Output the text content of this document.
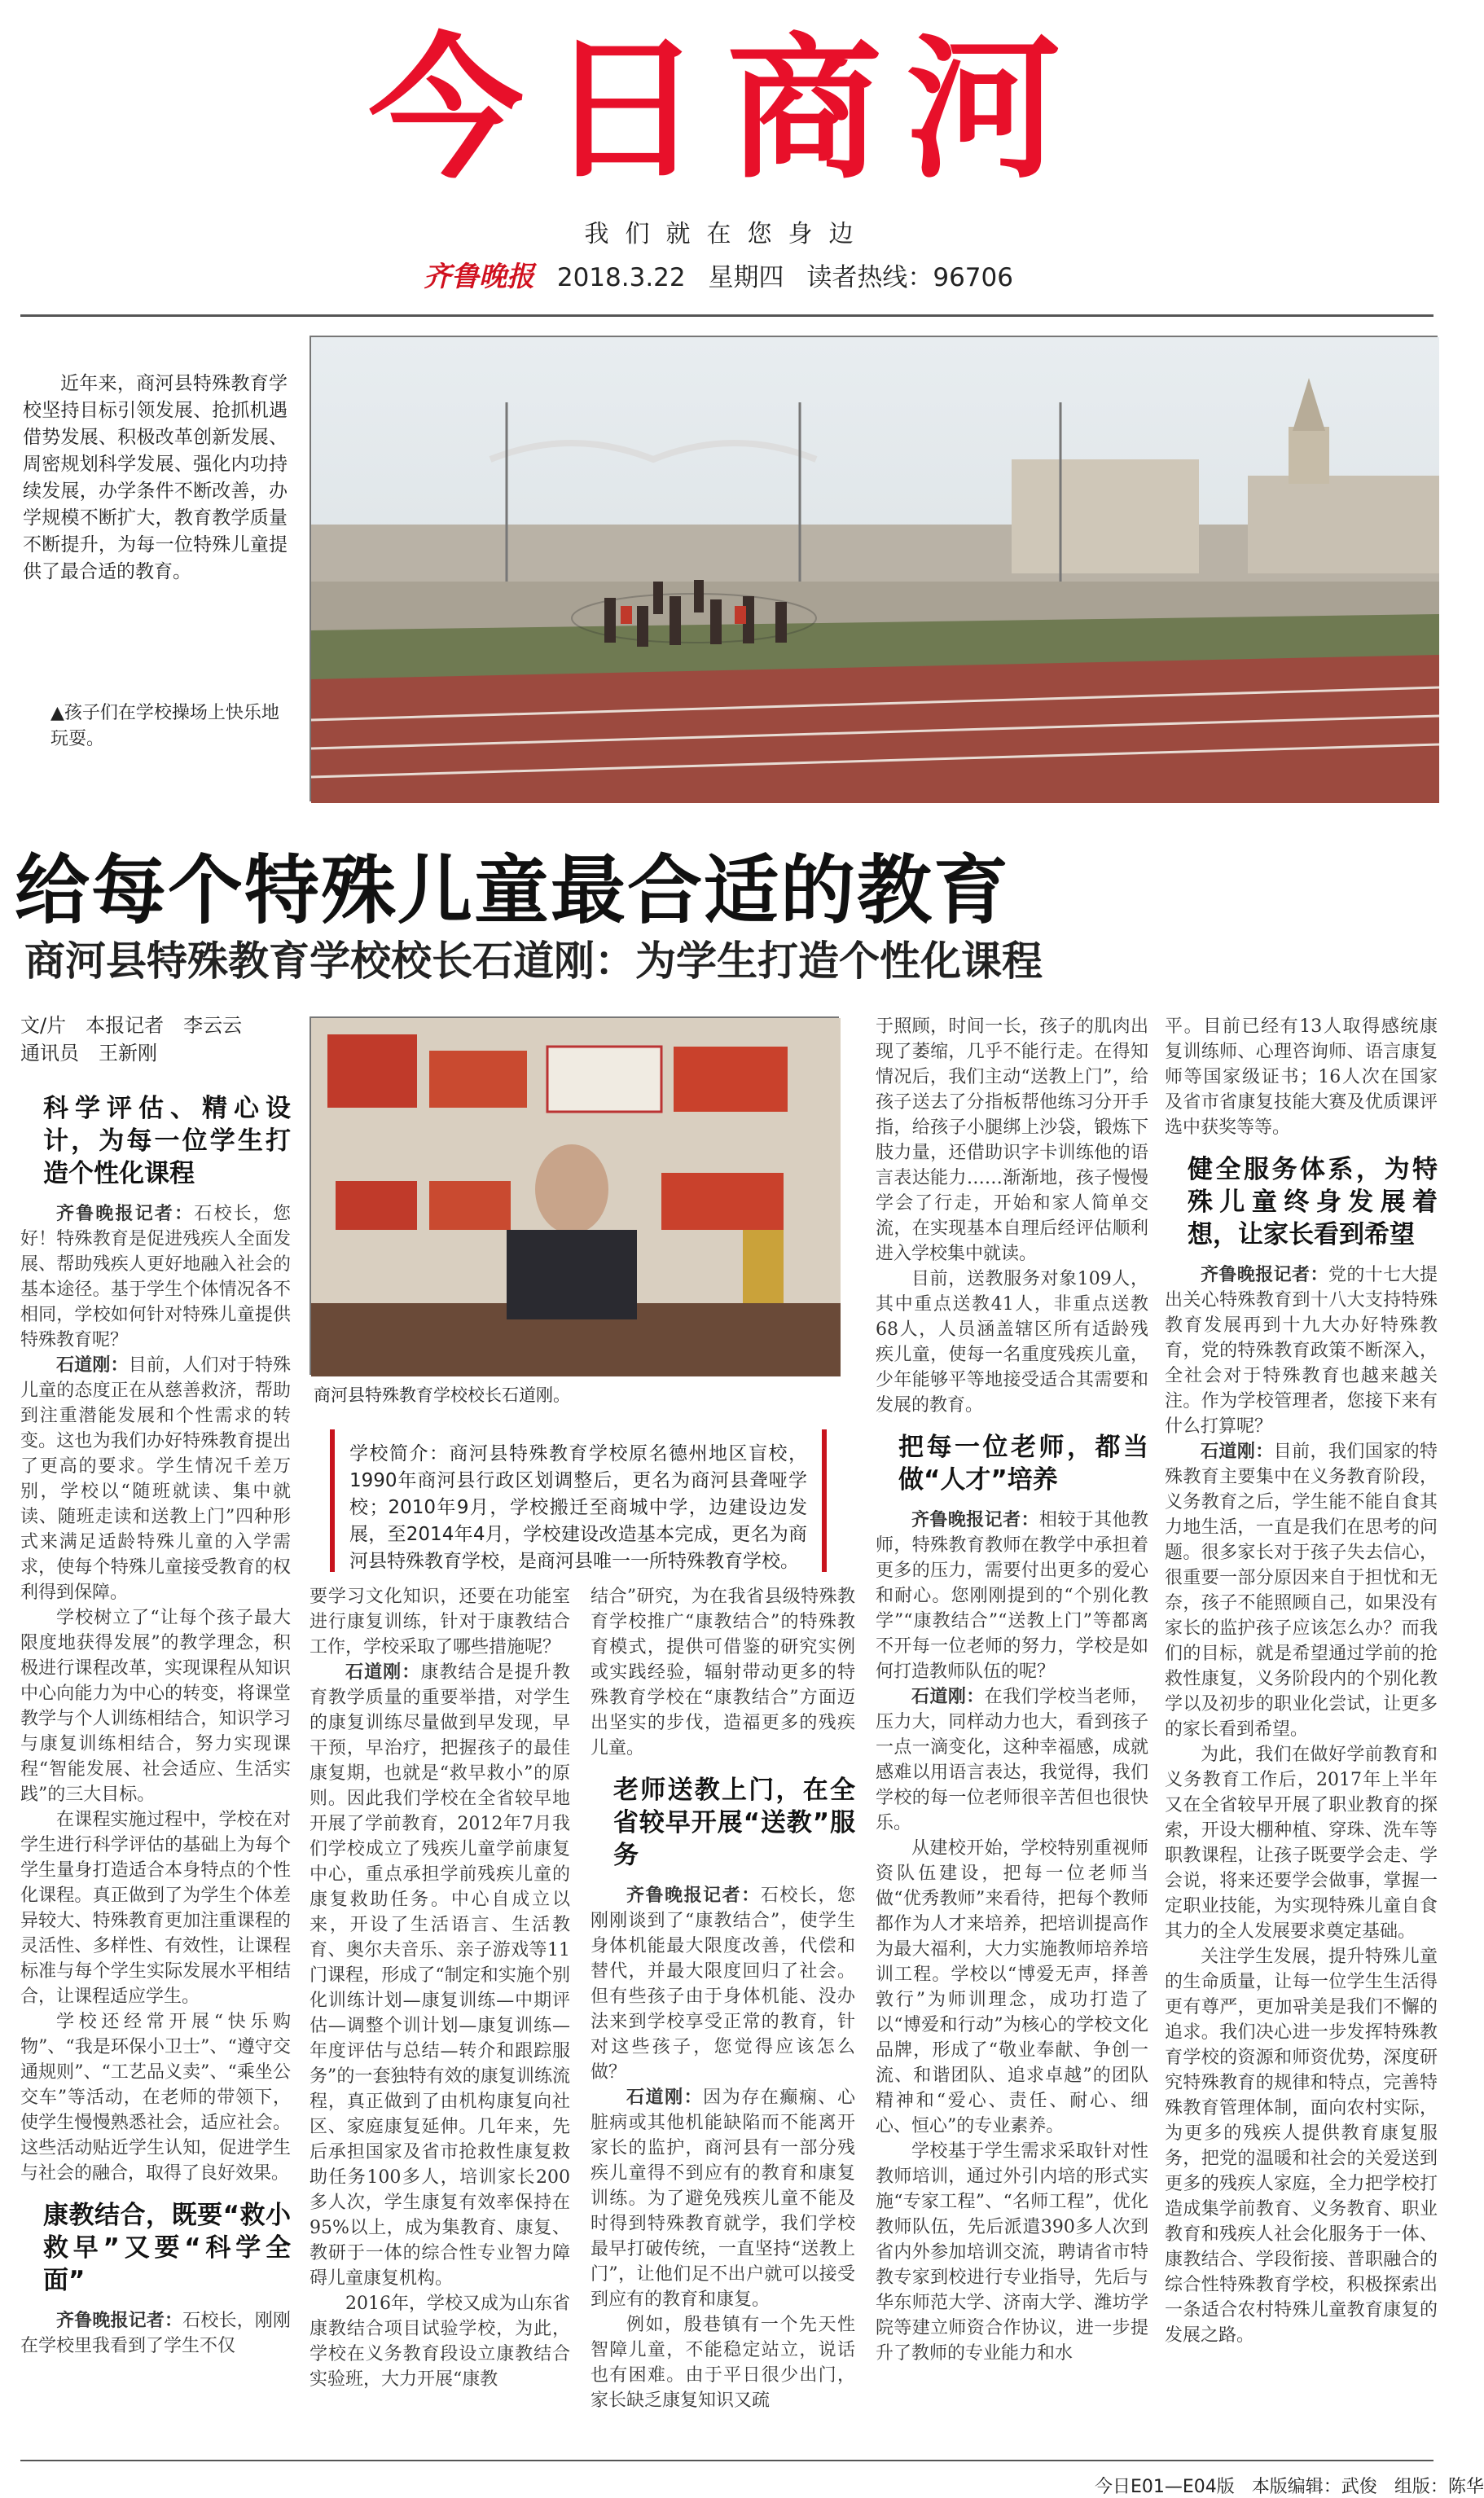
今日商河
我们就在您身边
齐鲁晚报 2018.3.22 星期四 读者热线：96706
近年来，商河县特殊教育学校坚持目标引领发展、抢抓机遇借势发展、积极改革创新发展、周密规划科学发展、强化内功持续发展，办学条件不断改善，办学规模不断扩大，教育教学质量不断提升，为每一位特殊儿童提供了最合适的教育。
▲孩子们在学校操场上快乐地玩耍。
给每个特殊儿童最合适的教育
商河县特殊教育学校校长石道刚：为学生打造个性化课程
文/片　本报记者　李云云
通讯员　王新刚
商河县特殊教育学校校长石道刚。
学校简介：商河县特殊教育学校原名德州地区盲校，1990年商河县行政区划调整后，更名为商河县聋哑学校；2010年9月，学校搬迁至商城中学，边建设边发展，至2014年4月，学校建设改造基本完成，更名为商河县特殊教育学校，是商河县唯一一所特殊教育学校。
科学评估、精心设计，为每一位学生打造个性化课程

齐鲁晚报记者：石校长，您好！特殊教育是促进残疾人全面发展、帮助残疾人更好地融入社会的基本途径。基于学生个体情况各不相同，学校如何针对特殊儿童提供特殊教育呢？

石道刚：目前，人们对于特殊儿童的态度正在从慈善救济，帮助到注重潜能发展和个性需求的转变。这也为我们办好特殊教育提出了更高的要求。学生情况千差万别，学校以“随班就读、集中就读、随班走读和送教上门”四种形式来满足适龄特殊儿童的入学需求，使每个特殊儿童接受教育的权利得到保障。

学校树立了“让每个孩子最大限度地获得发展”的教学理念，积极进行课程改革，实现课程从知识中心向能力为中心的转变，将课堂教学与个人训练相结合，知识学习与康复训练相结合，努力实现课程“智能发展、社会适应、生活实践”的三大目标。

在课程实施过程中，学校在对学生进行科学评估的基础上为每个学生量身打造适合本身特点的个性化课程。真正做到了为学生个体差异较大、特殊教育更加注重课程的灵活性、多样性、有效性，让课程标准与每个学生实际发展水平相结合，让课程适应学生。

学校还经常开展“快乐购物”、“我是环保小卫士”、“遵守交通规则”、“工艺品义卖”、“乘坐公交车”等活动，在老师的带领下，使学生慢慢熟悉社会，适应社会。这些活动贴近学生认知，促进学生与社会的融合，取得了良好效果。

康教结合，既要“救小救早”又要“科学全面”

齐鲁晚报记者：石校长，刚刚在学校里我看到了学生不仅

要学习文化知识，还要在功能室进行康复训练，针对于康教结合工作，学校采取了哪些措施呢？

石道刚：康教结合是提升教育教学质量的重要举措，对学生的康复训练尽量做到早发现，早干预，早治疗，把握孩子的最佳康复期，也就是“救早救小”的原则。因此我们学校在全省较早地开展了学前教育，2012年7月我们学校成立了残疾儿童学前康复中心，重点承担学前残疾儿童的康复救助任务。中心自成立以来，开设了生活语言、生活教育、奥尔夫音乐、亲子游戏等11门课程，形成了“制定和实施个别化训练计划—康复训练—中期评估—调整个训计划—康复训练—年度评估与总结—转介和跟踪服务”的一套独特有效的康复训练流程，真正做到了由机构康复向社区、家庭康复延伸。几年来，先后承担国家及省市抢救性康复救助任务100多人，培训家长200多人次，学生康复有效率保持在95%以上，成为集教育、康复、教研于一体的综合性专业智力障碍儿童康复机构。

2016年，学校又成为山东省康教结合项目试验学校，为此，学校在义务教育段设立康教结合实验班，大力开展“康教

结合”研究，为在我省县级特殊教育学校推广“康教结合”的特殊教育模式，提供可借鉴的研究实例或实践经验，辐射带动更多的特殊教育学校在“康教结合”方面迈出坚实的步伐，造福更多的残疾儿童。

老师送教上门，在全省较早开展“送教”服务

齐鲁晚报记者：石校长，您刚刚谈到了“康教结合”，使学生身体机能最大限度改善，代偿和替代，并最大限度回归了社会。但有些孩子由于身体机能、没办法来到学校享受正常的教育，针对这些孩子，您觉得应该怎么做？

石道刚：因为存在癫痫、心脏病或其他机能缺陷而不能离开家长的监护，商河县有一部分残疾儿童得不到应有的教育和康复训练。为了避免残疾儿童不能及时得到特殊教育就学，我们学校最早打破传统，一直坚持“送教上门”，让他们足不出户就可以接受到应有的教育和康复。

例如，殷巷镇有一个先天性智障儿童，不能稳定站立，说话也有困难。由于平日很少出门，家长缺乏康复知识又疏

于照顾，时间一长，孩子的肌肉出现了萎缩，几乎不能行走。在得知情况后，我们主动“送教上门”，给孩子送去了分指板帮他练习分开手指，给孩子小腿绑上沙袋，锻炼下肢力量，还借助识字卡训练他的语言表达能力……渐渐地，孩子慢慢学会了行走，开始和家人简单交流，在实现基本自理后经评估顺利进入学校集中就读。

目前，送教服务对象109人，其中重点送教41人，非重点送教68人，人员涵盖辖区所有适龄残疾儿童，使每一名重度残疾儿童，少年能够平等地接受适合其需要和发展的教育。

把每一位老师，都当做“人才”培养

齐鲁晚报记者：相较于其他教师，特殊教育教师在教学中承担着更多的压力，需要付出更多的爱心和耐心。您刚刚提到的“个别化教学”“康教结合”“送教上门”等都离不开每一位老师的努力，学校是如何打造教师队伍的呢？

石道刚：在我们学校当老师，压力大，同样动力也大，看到孩子一点一滴变化，这种幸福感，成就感难以用语言表达，我觉得，我们学校的每一位老师很辛苦但也很快乐。

从建校开始，学校特别重视师资队伍建设，把每一位老师当做“优秀教师”来看待，把每个教师都作为人才来培养，把培训提高作为最大福利，大力实施教师培养培训工程。学校以“博爱无声，择善敦行”为师训理念，成功打造了以“博爱和行动”为核心的学校文化品牌，形成了“敬业奉献、争创一流、和谐团队、追求卓越”的团队精神和“爱心、责任、耐心、细心、恒心”的专业素养。

学校基于学生需求采取针对性教师培训，通过外引内培的形式实施“专家工程”、“名师工程”，优化教师队伍，先后派遣390多人次到省内外参加培训交流，聘请省市特教专家到校进行专业指导，先后与华东师范大学、济南大学、潍坊学院等建立师资合作协议，进一步提升了教师的专业能力和水

平。目前已经有13人取得感统康复训练师、心理咨询师、语言康复师等国家级证书；16人次在国家及省市省康复技能大赛及优质课评选中获奖等等。

健全服务体系，为特殊儿童终身发展着想，让家长看到希望

齐鲁晚报记者：党的十七大提出关心特殊教育到十八大支持特殊教育发展再到十九大办好特殊教育，党的特殊教育政策不断深入，全社会对于特殊教育也越来越关注。作为学校管理者，您接下来有什么打算呢？

石道刚：目前，我们国家的特殊教育主要集中在义务教育阶段，义务教育之后，学生能不能自食其力地生活，一直是我们在思考的问题。很多家长对于孩子失去信心，很重要一部分原因来自于担忧和无奈，孩子不能照顾自己，如果没有家长的监护孩子应该怎么办？而我们的目标，就是希望通过学前的抢救性康复，义务阶段内的个别化教学以及初步的职业化尝试，让更多的家长看到希望。

为此，我们在做好学前教育和义务教育工作后，2017年上半年又在全省较早开展了职业教育的探索，开设大棚种植、穿珠、洗车等职教课程，让孩子既要学会走、学会说，将来还要学会做事，掌握一定职业技能，为实现特殊儿童自食其力的全人发展要求奠定基础。

关注学生发展，提升特殊儿童的生命质量，让每一位学生生活得更有尊严，更加팎美是我们不懈的追求。我们决心进一步发挥特殊教育学校的资源和师资优势，深度研究特殊教育的规律和特点，完善特殊教育管理体制，面向农村实际，为更多的残疾人提供教育康复服务，把党的温暖和社会的关爱送到更多的残疾人家庭，全力把学校打造成集学前教育、义务教育、职业教育和残疾人社会化服务于一体、康教结合、学段衔接、普职融合的综合性特殊教育学校，积极探索出一条适合农村特殊儿童教育康复的发展之路。

今日E01—E04版 本版编辑：武俊 组版：陈华
